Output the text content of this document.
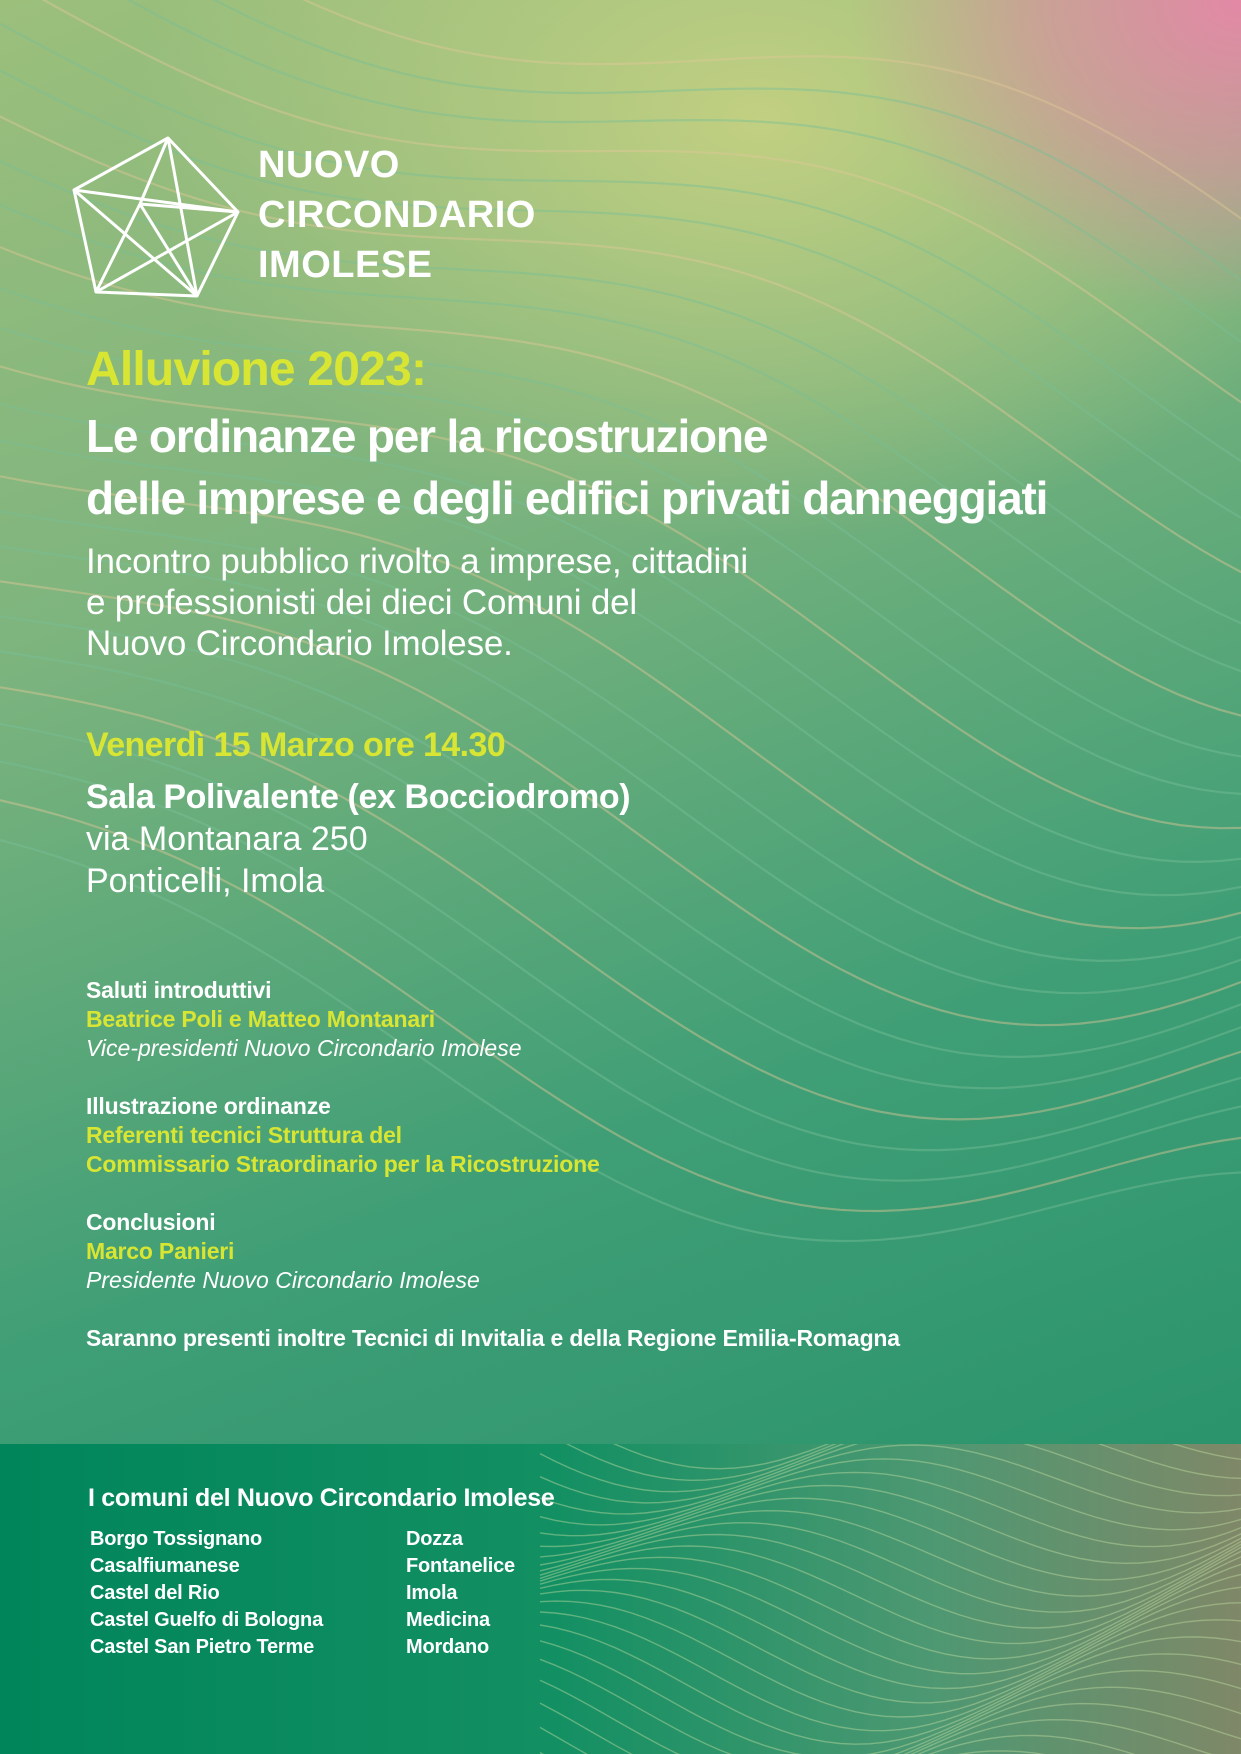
NUOVO
CIRCONDARIO
IMOLESE
Alluvione 2023:
Le ordinanze per la ricostruzione
delle imprese e degli edifici privati danneggiati
Incontro pubblico rivolto a imprese, cittadini
e professionisti dei dieci Comuni del
Nuovo Circondario Imolese.
Venerdì 15 Marzo ore 14.30
Sala Polivalente (ex Bocciodromo)
via Montanara 250
Ponticelli, Imola
Saluti introduttivi
Beatrice Poli e Matteo Montanari
Vice-presidenti Nuovo Circondario Imolese
Illustrazione ordinanze
Referenti tecnici Struttura del
Commissario Straordinario per la Ricostruzione
Conclusioni
Marco Panieri
Presidente Nuovo Circondario Imolese
Saranno presenti inoltre Tecnici di Invitalia e della Regione Emilia-Romagna
I comuni del Nuovo Circondario Imolese
Borgo Tossignano
Casalfiumanese
Castel del Rio
Castel Guelfo di Bologna
Castel San Pietro Terme
Dozza
Fontanelice
Imola
Medicina
Mordano
